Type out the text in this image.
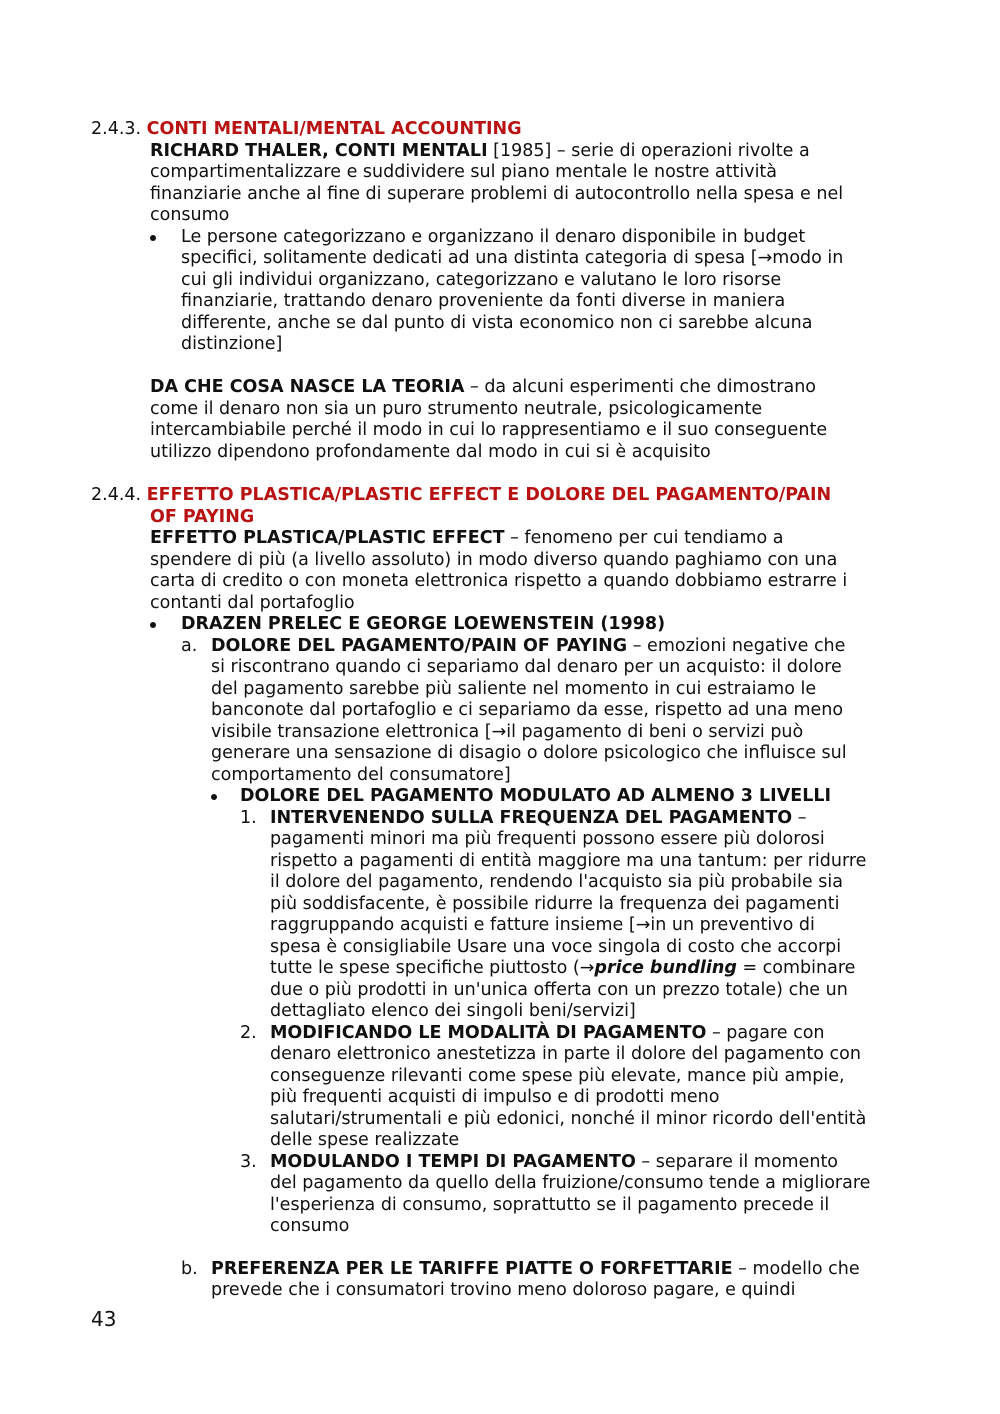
2.4.3. CONTI MENTALI/MENTAL ACCOUNTING
RICHARD THALER, CONTI MENTALI [1985] – serie di operazioni rivolte a
compartimentalizzare e suddividere sul piano mentale le nostre attività
finanziarie anche al fine di superare problemi di autocontrollo nella spesa e nel
consumo
Le persone categorizzano e organizzano il denaro disponibile in budget
specifici, solitamente dedicati ad una distinta categoria di spesa [→modo in
cui gli individui organizzano, categorizzano e valutano le loro risorse
finanziarie, trattando denaro proveniente da fonti diverse in maniera
differente, anche se dal punto di vista economico non ci sarebbe alcuna
distinzione]
DA CHE COSA NASCE LA TEORIA – da alcuni esperimenti che dimostrano
come il denaro non sia un puro strumento neutrale, psicologicamente
intercambiabile perché il modo in cui lo rappresentiamo e il suo conseguente
utilizzo dipendono profondamente dal modo in cui si è acquisito
2.4.4. EFFETTO PLASTICA/PLASTIC EFFECT E DOLORE DEL PAGAMENTO/PAIN
OF PAYING
EFFETTO PLASTICA/PLASTIC EFFECT – fenomeno per cui tendiamo a
spendere di più (a livello assoluto) in modo diverso quando paghiamo con una
carta di credito o con moneta elettronica rispetto a quando dobbiamo estrarre i
contanti dal portafoglio
DRAZEN PRELEC E GEORGE LOEWENSTEIN (1998)
a. DOLORE DEL PAGAMENTO/PAIN OF PAYING – emozioni negative che
si riscontrano quando ci separiamo dal denaro per un acquisto: il dolore
del pagamento sarebbe più saliente nel momento in cui estraiamo le
banconote dal portafoglio e ci separiamo da esse, rispetto ad una meno
visibile transazione elettronica [→il pagamento di beni o servizi può
generare una sensazione di disagio o dolore psicologico che influisce sul
comportamento del consumatore]
DOLORE DEL PAGAMENTO MODULATO AD ALMENO 3 LIVELLI
1. INTERVENENDO SULLA FREQUENZA DEL PAGAMENTO –
pagamenti minori ma più frequenti possono essere più dolorosi
rispetto a pagamenti di entità maggiore ma una tantum: per ridurre
il dolore del pagamento, rendendo l'acquisto sia più probabile sia
più soddisfacente, è possibile ridurre la frequenza dei pagamenti
raggruppando acquisti e fatture insieme [→in un preventivo di
spesa è consigliabile Usare una voce singola di costo che accorpi
tutte le spese specifiche piuttosto (→price bundling = combinare
due o più prodotti in un'unica offerta con un prezzo totale) che un
dettagliato elenco dei singoli beni/servizi]
2. MODIFICANDO LE MODALITÀ DI PAGAMENTO – pagare con
denaro elettronico anestetizza in parte il dolore del pagamento con
conseguenze rilevanti come spese più elevate, mance più ampie,
più frequenti acquisti di impulso e di prodotti meno
salutari/strumentali e più edonici, nonché il minor ricordo dell'entità
delle spese realizzate
3. MODULANDO I TEMPI DI PAGAMENTO – separare il momento
del pagamento da quello della fruizione/consumo tende a migliorare
l'esperienza di consumo, soprattutto se il pagamento precede il
consumo
b. PREFERENZA PER LE TARIFFE PIATTE O FORFETTARIE – modello che
prevede che i consumatori trovino meno doloroso pagare, e quindi
43
